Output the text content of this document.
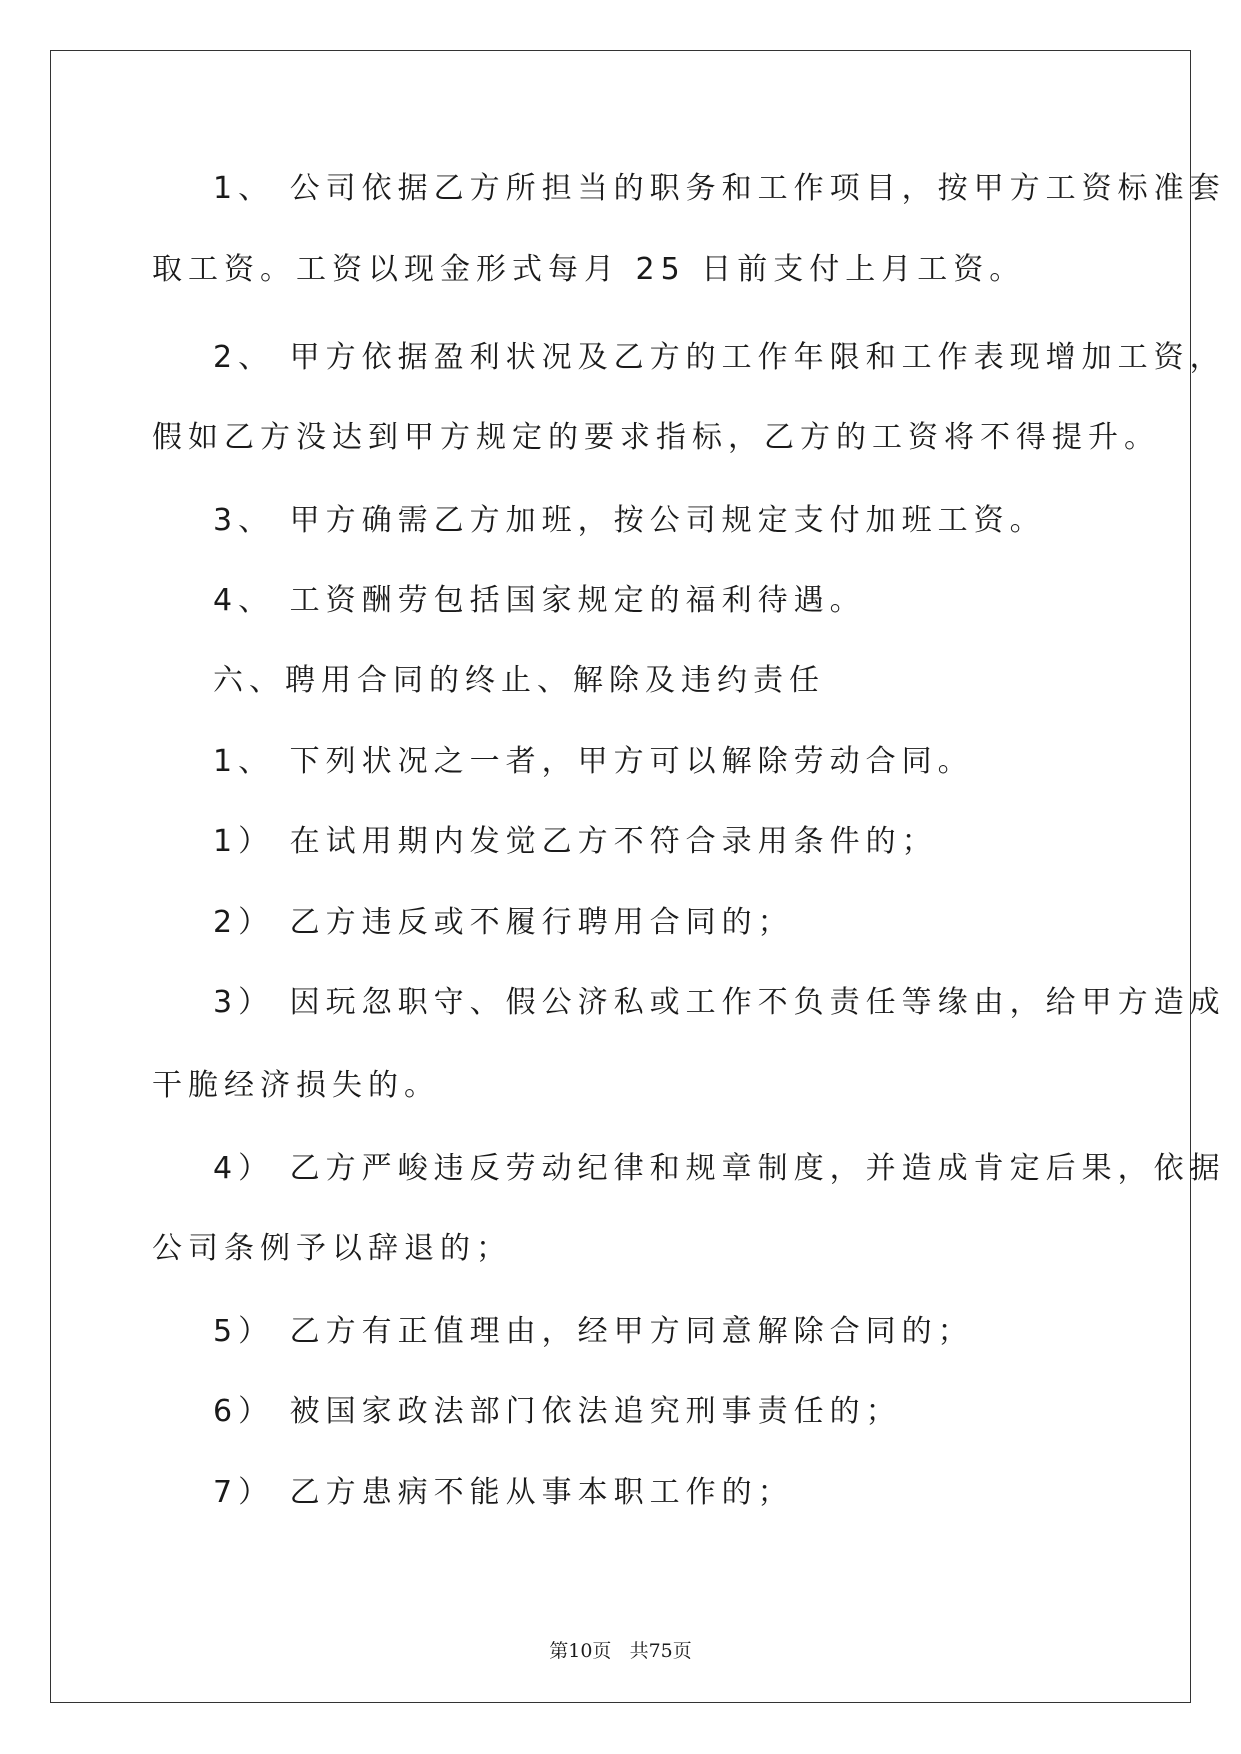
1、 公司依据乙方所担当的职务和工作项目，按甲方工资标准套
取工资。工资以现金形式每月 25 日前支付上月工资。
2、 甲方依据盈利状况及乙方的工作年限和工作表现增加工资，
假如乙方没达到甲方规定的要求指标，乙方的工资将不得提升。
3、 甲方确需乙方加班，按公司规定支付加班工资。
4、 工资酬劳包括国家规定的福利待遇。
六、聘用合同的终止、解除及违约责任
1、 下列状况之一者，甲方可以解除劳动合同。
1） 在试用期内发觉乙方不符合录用条件的；
2） 乙方违反或不履行聘用合同的；
3） 因玩忽职守、假公济私或工作不负责任等缘由，给甲方造成
干脆经济损失的。
4） 乙方严峻违反劳动纪律和规章制度，并造成肯定后果，依据
公司条例予以辞退的；
5） 乙方有正值理由，经甲方同意解除合同的；
6） 被国家政法部门依法追究刑事责任的；
7） 乙方患病不能从事本职工作的；
第10页 共75页
